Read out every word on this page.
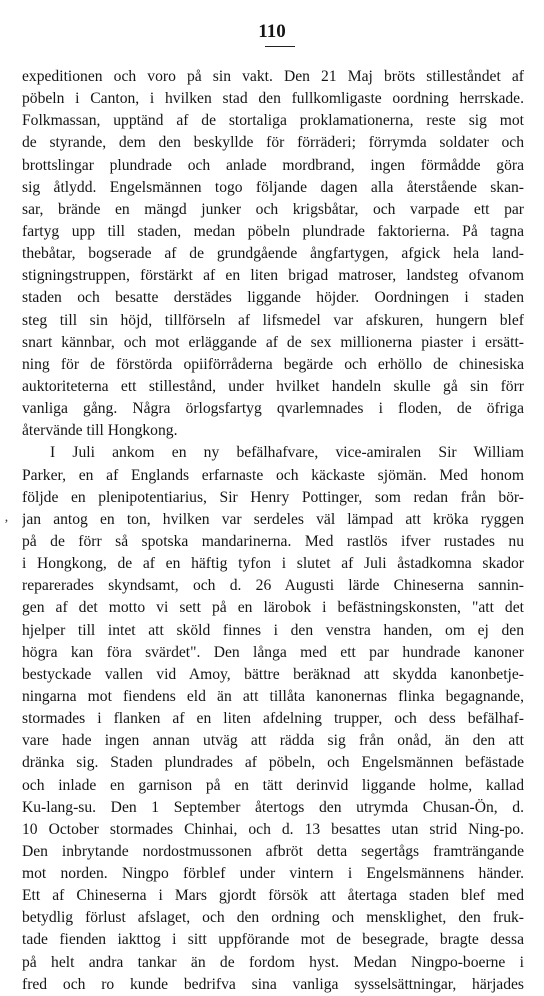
110
‚
expeditionen och voro på sin vakt. Den 21 Maj bröts stilleståndet af
pöbeln i Canton, i hvilken stad den fullkomligaste oordning herrskade.
Folkmassan, upptänd af de stortaliga proklamationerna, reste sig mot
de styrande, dem den beskyllde för förräderi; förrymda soldater och
brottslingar plundrade och anlade mordbrand, ingen förmådde göra
sig åtlydd. Engelsmännen togo följande dagen alla återstående skan-
sar, brände en mängd junker och krigsbåtar, och varpade ett par
fartyg upp till staden, medan pöbeln plundrade faktorierna. På tagna
thebåtar, bogserade af de grundgående ångfartygen, afgick hela land-
stigningstruppen, förstärkt af en liten brigad matroser, landsteg ofvanom
staden och besatte derstädes liggande höjder. Oordningen i staden
steg till sin höjd, tillförseln af lifsmedel var afskuren, hungern blef
snart kännbar, och mot erläggande af de sex millionerna piaster i ersätt-
ning för de förstörda opiiförråderna begärde och erhöllo de chinesiska
auktoriteterna ett stillestånd, under hvilket handeln skulle gå sin förr
vanliga gång. Några örlogsfartyg qvarlemnades i floden, de öfriga
återvände till Hongkong.
I Juli ankom en ny befälhafvare, vice-amiralen Sir William
Parker, en af Englands erfarnaste och käckaste sjömän. Med honom
följde en plenipotentiarius, Sir Henry Pottinger, som redan från bör-
jan antog en ton, hvilken var serdeles väl lämpad att kröka ryggen
på de förr så spotska mandarinerna. Med rastlös ifver rustades nu
i Hongkong, de af en häftig tyfon i slutet af Juli åstadkomna skador
reparerades skyndsamt, och d. 26 Augusti lärde Chineserna sannin-
gen af det motto vi sett på en lärobok i befästningskonsten, "att det
hjelper till intet att sköld finnes i den venstra handen, om ej den
högra kan föra svärdet". Den långa med ett par hundrade kanoner
bestyckade vallen vid Amoy, bättre beräknad att skydda kanonbetje-
ningarna mot fiendens eld än att tillåta kanonernas flinka begagnande,
stormades i flanken af en liten afdelning trupper, och dess befälhaf-
vare hade ingen annan utväg att rädda sig från onåd, än den att
dränka sig. Staden plundrades af pöbeln, och Engelsmännen befästade
och inlade en garnison på en tätt derinvid liggande holme, kallad
Ku-lang-su. Den 1 September återtogs den utrymda Chusan-Ön, d.
10 October stormades Chinhai, och d. 13 besattes utan strid Ning-po.
Den inbrytande nordostmussonen afbröt detta segertågs framträngande
mot norden. Ningpo förblef under vintern i Engelsmännens händer.
Ett af Chineserna i Mars gjordt försök att återtaga staden blef med
betydlig förlust afslaget, och den ordning och mensklighet, den fruk-
tade fienden iakttog i sitt uppförande mot de besegrade, bragte dessa
på helt andra tankar än de fordom hyst. Medan Ningpo-boerne i
fred och ro kunde bedrifva sina vanliga sysselsättningar, härjades
